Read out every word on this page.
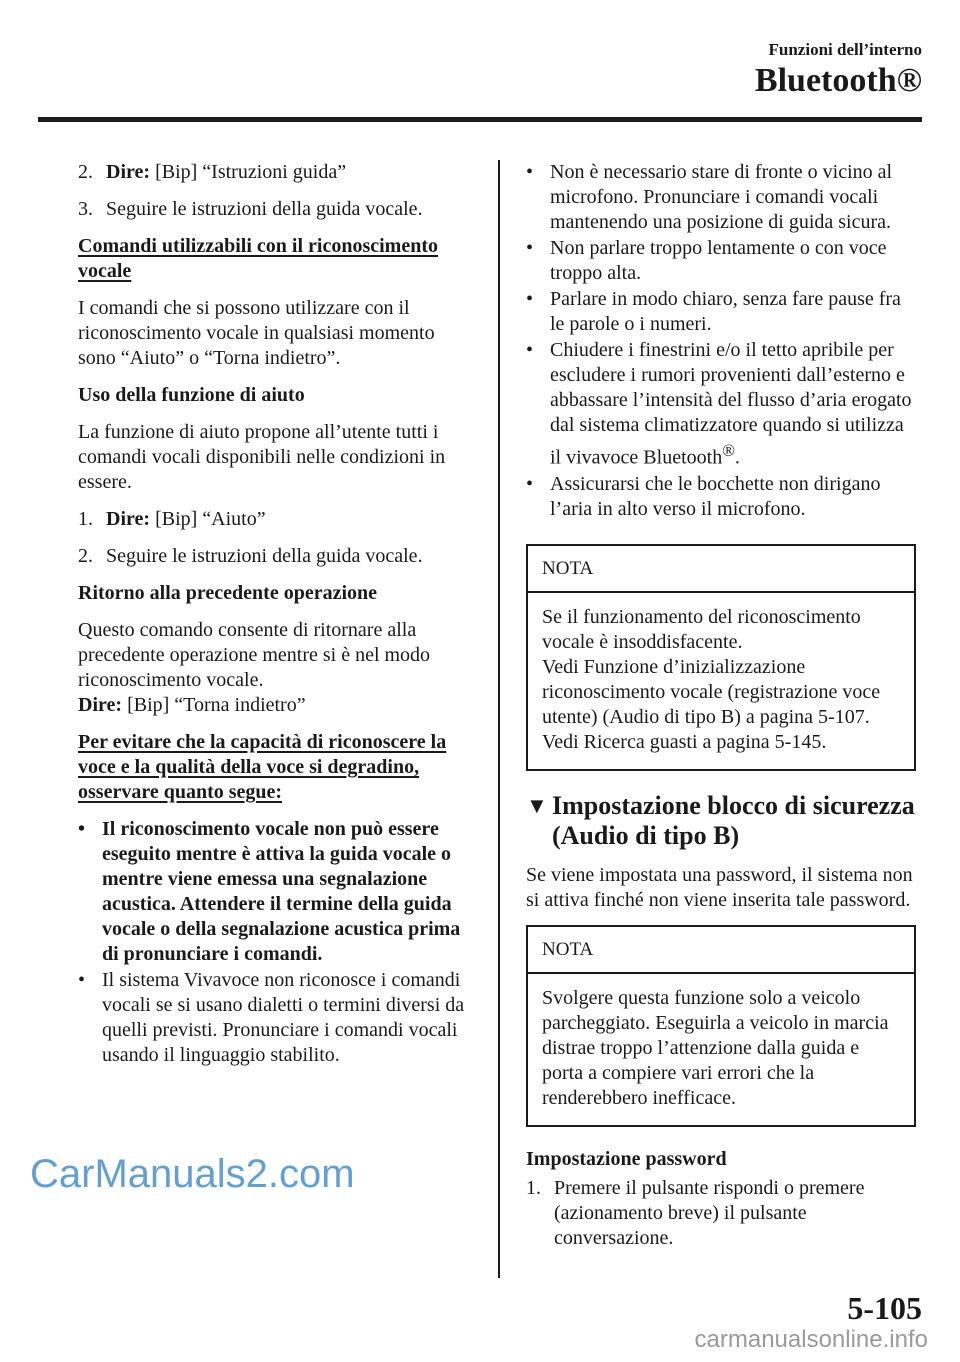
Funzioni dell’interno
Bluetooth®
2. Dire: [Bip] “Istruzioni guida”
3. Seguire le istruzioni della guida vocale.

Comandi utilizzabili con il riconoscimento vocale

I comandi che si possono utilizzare con il riconoscimento vocale in qualsiasi momento sono “Aiuto” o “Torna indietro”.

Uso della funzione di aiuto

La funzione di aiuto propone all’utente tutti i comandi vocali disponibili nelle condizioni in essere.

1. Dire: [Bip] “Aiuto”
2. Seguire le istruzioni della guida vocale.

Ritorno alla precedente operazione

Questo comando consente di ritornare alla precedente operazione mentre si è nel modo riconoscimento vocale.
Dire: [Bip] “Torna indietro”

Per evitare che la capacità di riconoscere la voce e la qualità della voce si degradino, osservare quanto segue:

• Il riconoscimento vocale non può essere eseguito mentre è attiva la guida vocale o mentre viene emessa una segnalazione acustica. Attendere il termine della guida vocale o della segnalazione acustica prima di pronunciare i comandi.
• Il sistema Vivavoce non riconosce i comandi vocali se si usano dialetti o termini diversi da quelli previsti. Pronunciare i comandi vocali usando il linguaggio stabilito.
• Non è necessario stare di fronte o vicino al microfono. Pronunciare i comandi vocali mantenendo una posizione di guida sicura.
• Non parlare troppo lentamente o con voce troppo alta.
• Parlare in modo chiaro, senza fare pause fra le parole o i numeri.
• Chiudere i finestrini e/o il tetto apribile per escludere i rumori provenienti dall’esterno e abbassare l’intensità del flusso d’aria erogato dal sistema climatizzatore quando si utilizza il vivavoce Bluetooth®.
• Assicurarsi che le bocchette non dirigano l’aria in alto verso il microfono.
NOTA
Se il funzionamento del riconoscimento vocale è insoddisfacente.
Vedi Funzione d’inizializzazione riconoscimento vocale (registrazione voce utente) (Audio di tipo B) a pagina 5-107.
Vedi Ricerca guasti a pagina 5-145.
▼ Impostazione blocco di sicurezza (Audio di tipo B)

Se viene impostata una password, il sistema non si attiva finché non viene inserita tale password.

NOTA
Svolgere questa funzione solo a veicolo parcheggiato. Eseguirla a veicolo in marcia distrae troppo l’attenzione dalla guida e porta a compiere vari errori che la renderebbero inefficace.

Impostazione password

1. Premere il pulsante rispondi o premere (azionamento breve) il pulsante conversazione.
CarManuals2.com
5-105
carmanualsonline.info
